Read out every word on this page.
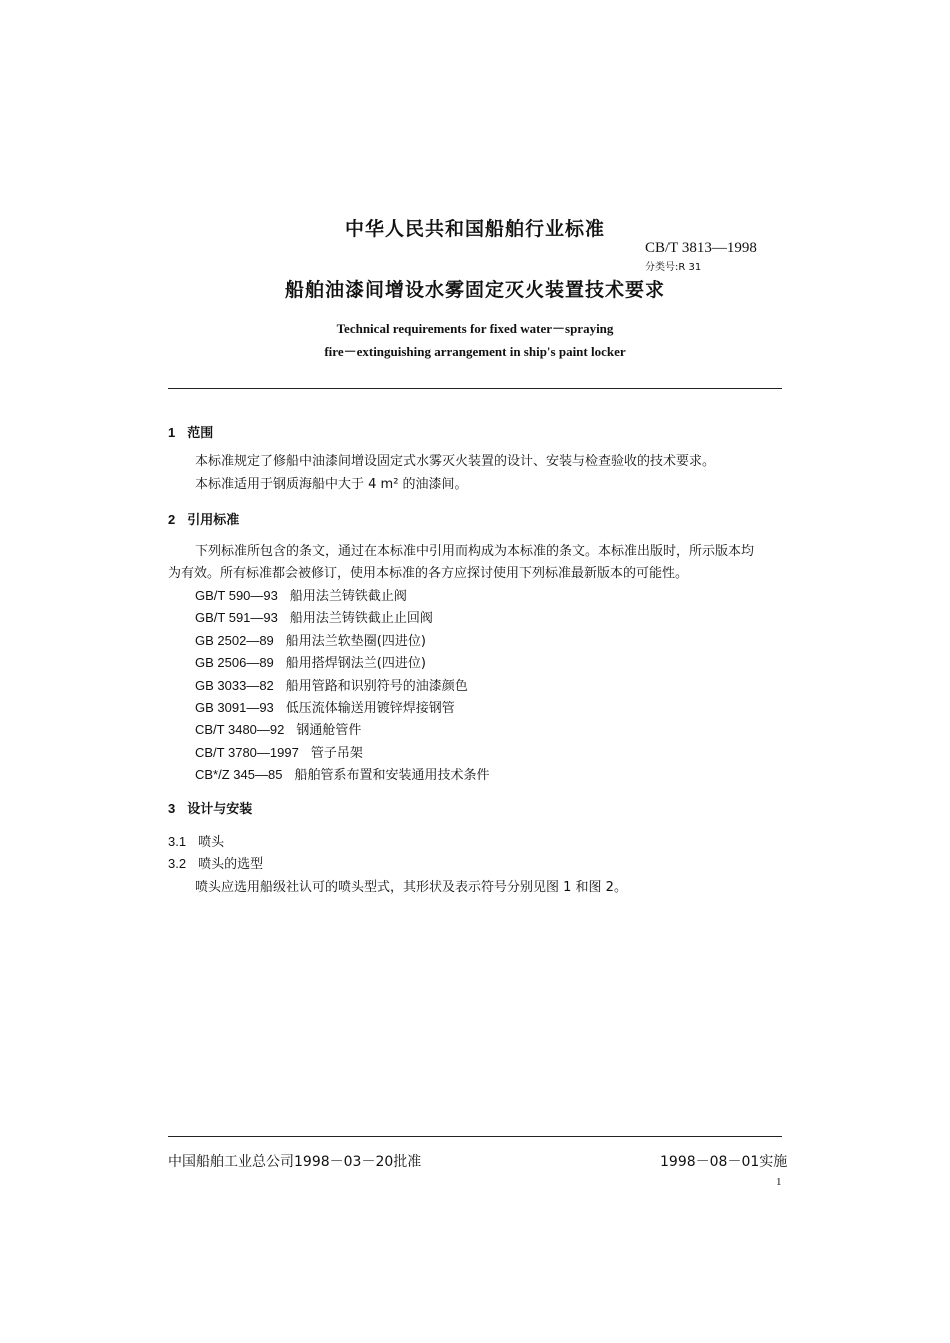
中华人民共和国船舶行业标准
CB/T 3813—1998
分类号:R 31
船舶油漆间增设水雾固定灭火装置技术要求
Technical requirements for fixed water－spraying
fire－extinguishing arrangement in ship's paint locker
1 范围
本标准规定了修船中油漆间增设固定式水雾灭火装置的设计、安装与检查验收的技术要求。
本标准适用于钢质海船中大于 4 m² 的油漆间。
2 引用标准
下列标准所包含的条文，通过在本标准中引用而构成为本标准的条文。本标准出版时，所示版本均
为有效。所有标准都会被修订，使用本标准的各方应探讨使用下列标准最新版本的可能性。
GB/T 590—93 船用法兰铸铁截止阀
GB/T 591—93 船用法兰铸铁截止止回阀
GB 2502—89 船用法兰软垫圈(四进位)
GB 2506—89 船用搭焊钢法兰(四进位)
GB 3033—82 船用管路和识别符号的油漆颜色
GB 3091—93 低压流体输送用镀锌焊接钢管
CB/T 3480—92 钢通舱管件
CB/T 3780—1997 管子吊架
CB*/Z 345—85 船舶管系布置和安装通用技术条件
3 设计与安装
3.1 喷头
3.2 喷头的选型
喷头应选用船级社认可的喷头型式，其形状及表示符号分别见图 1 和图 2。
中国船舶工业总公司1998－03－20批准	1998－08－01实施
1
